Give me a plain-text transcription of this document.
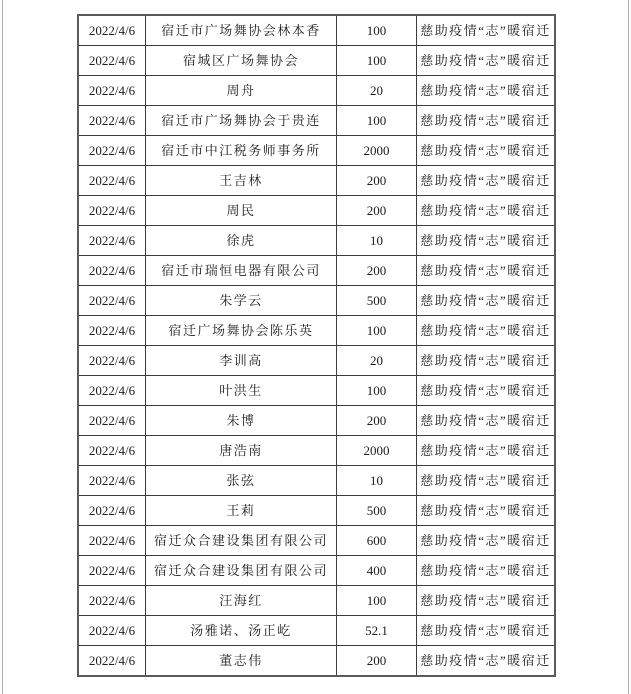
2022/4/6	宿迁市广场舞协会林本香	100	慈助疫情“志”暖宿迁
2022/4/6	宿城区广场舞协会	100	慈助疫情“志”暖宿迁
2022/4/6	周舟	20	慈助疫情“志”暖宿迁
2022/4/6	宿迁市广场舞协会于贵连	100	慈助疫情“志”暖宿迁
2022/4/6	宿迁市中江税务师事务所	2000	慈助疫情“志”暖宿迁
2022/4/6	王吉林	200	慈助疫情“志”暖宿迁
2022/4/6	周民	200	慈助疫情“志”暖宿迁
2022/4/6	徐虎	10	慈助疫情“志”暖宿迁
2022/4/6	宿迁市瑞恒电器有限公司	200	慈助疫情“志”暖宿迁
2022/4/6	朱学云	500	慈助疫情“志”暖宿迁
2022/4/6	宿迁广场舞协会陈乐英	100	慈助疫情“志”暖宿迁
2022/4/6	李训高	20	慈助疫情“志”暖宿迁
2022/4/6	叶洪生	100	慈助疫情“志”暖宿迁
2022/4/6	朱博	200	慈助疫情“志”暖宿迁
2022/4/6	唐浩南	2000	慈助疫情“志”暖宿迁
2022/4/6	张弦	10	慈助疫情“志”暖宿迁
2022/4/6	王莉	500	慈助疫情“志”暖宿迁
2022/4/6	宿迁众合建设集团有限公司	600	慈助疫情“志”暖宿迁
2022/4/6	宿迁众合建设集团有限公司	400	慈助疫情“志”暖宿迁
2022/4/6	汪海红	100	慈助疫情“志”暖宿迁
2022/4/6	汤雅诺、汤正屹	52.1	慈助疫情“志”暖宿迁
2022/4/6	董志伟	200	慈助疫情“志”暖宿迁
